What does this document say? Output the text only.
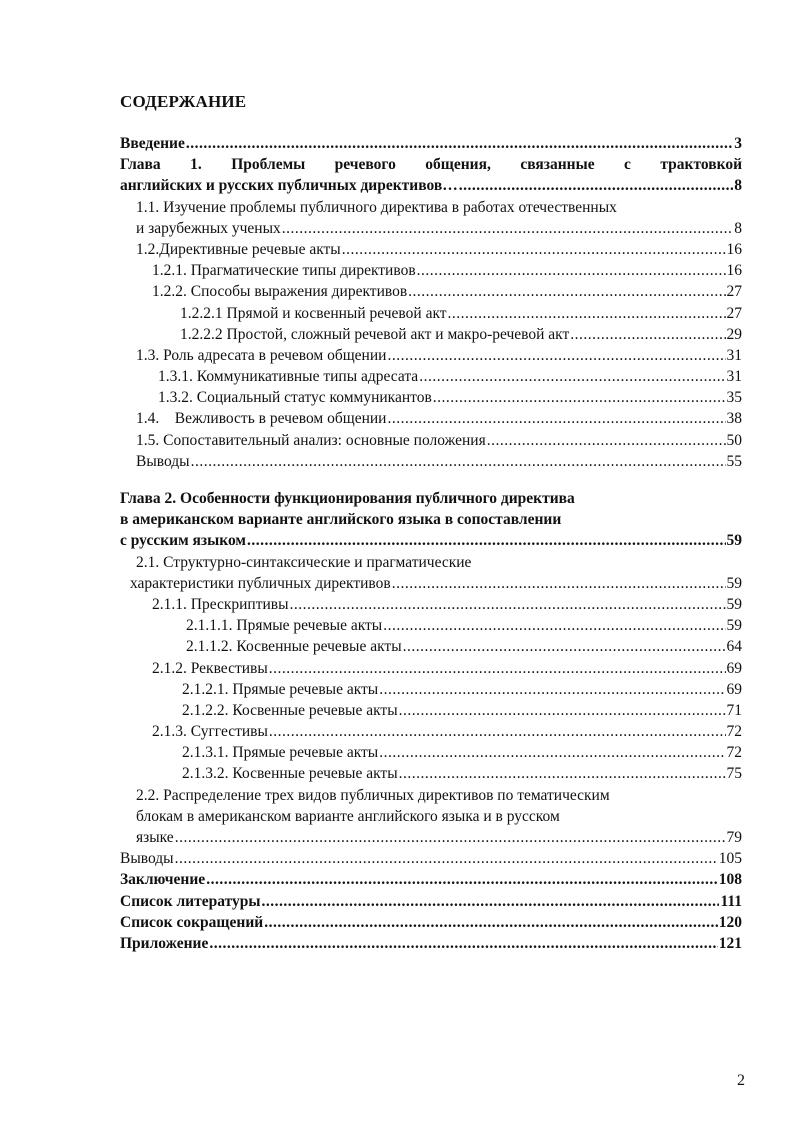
СОДЕРЖАНИЕ
Введение .....	3
Глава 1. Проблемы речевого общения, связанные с трактовкой
английских и русских публичных директивов… .....	8
1.1. Изучение проблемы публичного директива в работах отечественных
и зарубежных ученых .....	8
1.2.Директивные речевые акты .....	16
1.2.1. Прагматические типы директивов .....	16
1.2.2. Способы выражения директивов .....	27
1.2.2.1 Прямой и косвенный речевой акт .....	27
1.2.2.2 Простой, сложный речевой акт и макро-речевой акт .....	29
1.3. Роль адресата в речевом общении .....	31
1.3.1. Коммуникативные типы адресата .....	31
1.3.2. Социальный статус коммуникантов .....	35
1.4.    Вежливость в речевом общении .....	38
1.5. Сопоставительный анализ: основные положения .....	50
Выводы .....	55
Глава 2. Особенности функционирования публичного директива
в американском варианте английского языка в сопоставлении
с русским языком .....	59
2.1. Структурно-синтаксические и прагматические
характеристики публичных директивов .....	59
2.1.1. Прескриптивы .....	59
2.1.1.1. Прямые речевые акты .....	59
2.1.1.2. Косвенные речевые акты .....	64
2.1.2. Реквестивы .....	69
2.1.2.1. Прямые речевые акты .....	69
2.1.2.2. Косвенные речевые акты .....	71
2.1.3. Суггестивы .....	72
2.1.3.1. Прямые речевые акты .....	72
2.1.3.2. Косвенные речевые акты .....	75
2.2. Распределение трех видов публичных директивов по тематическим
блокам в американском варианте английского языка и в русском
языке .....	79
Выводы .....	105
Заключение .....	108
Список литературы .....	111
Список сокращений .....	120
Приложение .....	121
2
